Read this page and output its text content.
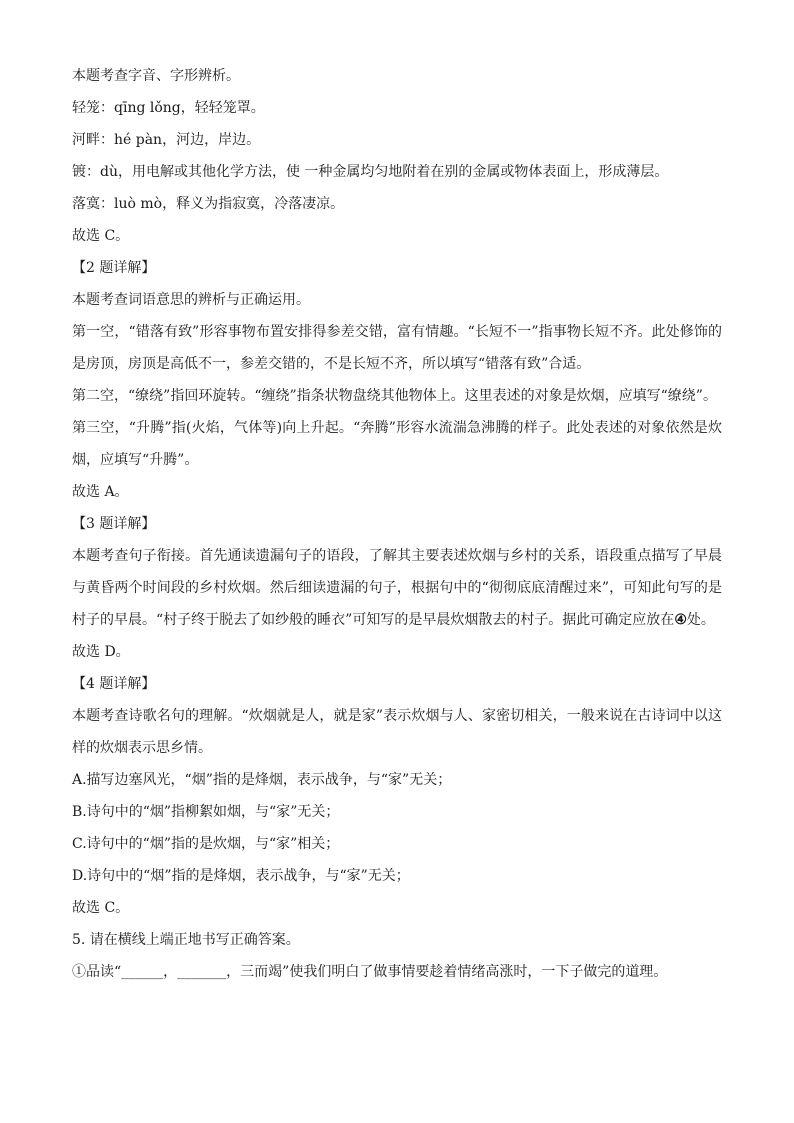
本题考查字音、字形辨析。

轻笼：qīng lǒng，轻轻笼罩。

河畔：hé pàn，河边，岸边。

镀：dù，用电解或其他化学方法，使 一种金属均匀地附着在别的金属或物体表面上，形成薄层。

落寞：luò mò，释义为指寂寞，冷落凄凉。

故选 C。

【2 题详解】

本题考查词语意思的辨析与正确运用。

第一空，“错落有致”形容事物布置安排得参差交错，富有情趣。“长短不一”指事物长短不齐。此处修饰的是房顶，房顶是高低不一，参差交错的，不是长短不齐，所以填写“错落有致”合适。

第二空，“缭绕”指回环旋转。“缠绕”指条状物盘绕其他物体上。这里表述的对象是炊烟，应填写“缭绕”。

第三空，“升腾”指(火焰，气体等)向上升起。“奔腾”形容水流湍急沸腾的样子。此处表述的对象依然是炊烟，应填写“升腾”。

故选 A。

【3 题详解】

本题考查句子衔接。首先通读遗漏句子的语段，了解其主要表述炊烟与乡村的关系，语段重点描写了早晨与黄昏两个时间段的乡村炊烟。然后细读遗漏的句子，根据句中的“彻彻底底清醒过来”，可知此句写的是村子的早晨。“村子终于脱去了如纱般的睡衣”可知写的是早晨炊烟散去的村子。据此可确定应放在④处。

故选 D。

【4 题详解】

本题考查诗歌名句的理解。“炊烟就是人，就是家”表示炊烟与人、家密切相关，一般来说在古诗词中以这样的炊烟表示思乡情。

A.描写边塞风光，“烟”指的是烽烟，表示战争，与“家”无关；

B.诗句中的“烟”指柳絮如烟，与“家”无关；

C.诗句中的“烟”指的是炊烟，与“家”相关；

D.诗句中的“烟”指的是烽烟，表示战争，与“家”无关；

故选 C。

5. 请在横线上端正地书写正确答案。

①品读“______，_______，三而竭”使我们明白了做事情要趁着情绪高涨时，一下子做完的道理。
